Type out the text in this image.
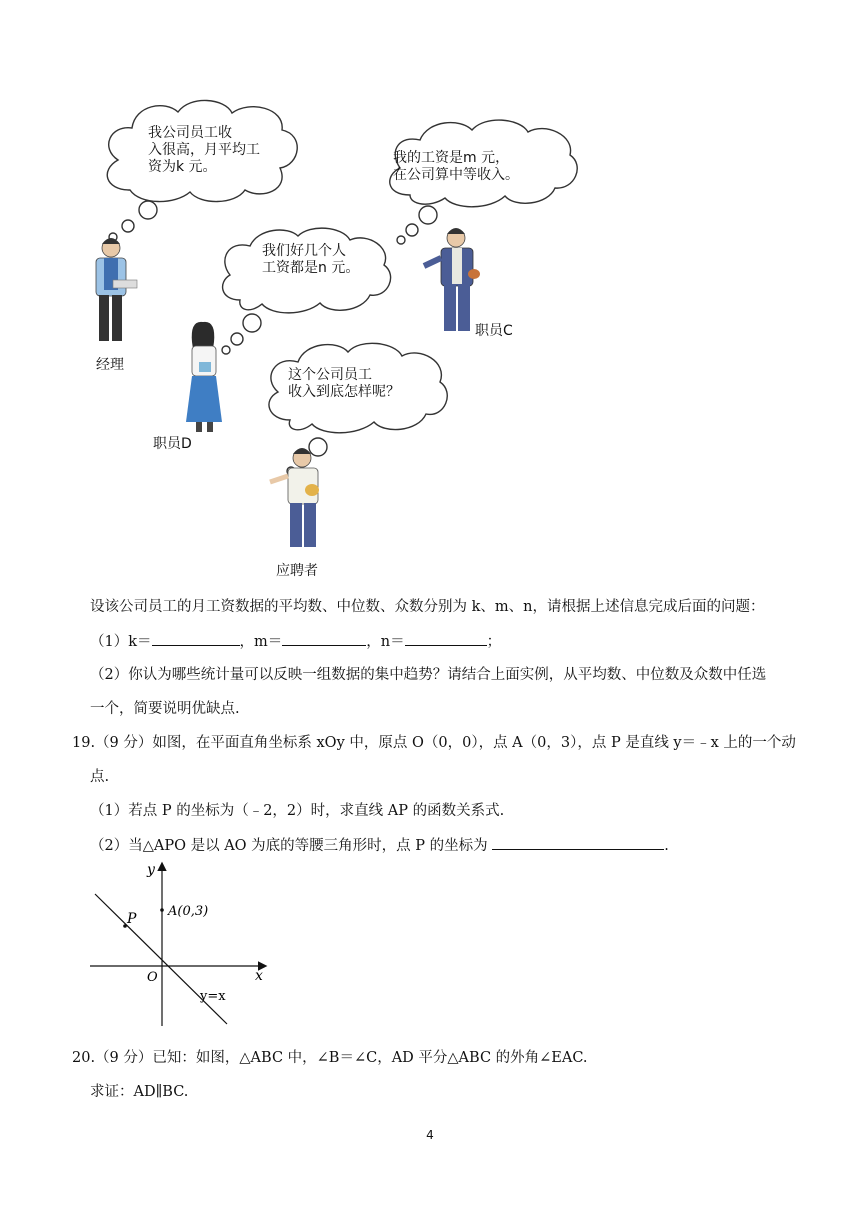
我公司员工收
入很高，月平均工
资为k 元。
我的工资是m 元，
在公司算中等收入。
我们好几个人
工资都是n 元。
这个公司员工
收入到底怎样呢？
经理
职员C
职员D
应聘者
设该公司员工的月工资数据的平均数、中位数、众数分别为 k、m、n，请根据上述信息完成后面的问题：
（1）k＝	，m＝	，n＝	；
（2）你认为哪些统计量可以反映一组数据的集中趋势？请结合上面实例，从平均数、中位数及众数中任选
一个，简要说明优缺点.
19.（9 分）如图，在平面直角坐标系 xOy 中，原点 O（0，0），点 A（0，3），点 P 是直线 y＝﹣x 上的一个动
点.
（1）若点 P 的坐标为（﹣2，2）时，求直线 AP 的函数关系式.
（2）当△APO 是以 AO 为底的等腰三角形时，点 P 的坐标为	.
y
x
O
A(0,3)
P
y=x
20.（9 分）已知：如图，△ABC 中，∠B＝∠C，AD 平分△ABC 的外角∠EAC.
求证：AD∥BC.
4
